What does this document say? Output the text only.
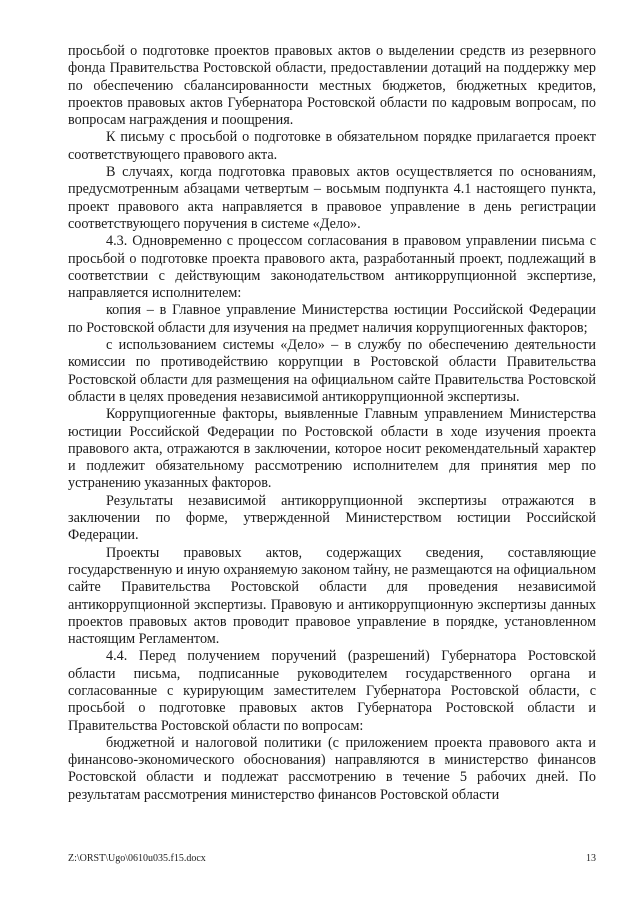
просьбой о подготовке проектов правовых актов о выделении средств из резервного фонда Правительства Ростовской области, предоставлении дотаций на поддержку мер по обеспечению сбалансированности местных бюджетов, бюджетных кредитов, проектов правовых актов Губернатора Ростовской области по кадровым вопросам, по вопросам награждения и поощрения.

К письму с просьбой о подготовке в обязательном порядке прилагается проект соответствующего правового акта.

В случаях, когда подготовка правовых актов осуществляется по основаниям, предусмотренным абзацами четвертым – восьмым подпункта 4.1 настоящего пункта, проект правового акта направляется в правовое управление в день регистрации соответствующего поручения в системе «Дело».

4.3. Одновременно с процессом согласования в правовом управлении письма с просьбой о подготовке проекта правового акта, разработанный проект, подлежащий в соответствии с действующим законодательством антикоррупционной экспертизе, направляется исполнителем:

копия – в Главное управление Министерства юстиции Российской Федерации по Ростовской области для изучения на предмет наличия коррупциогенных факторов;

с использованием системы «Дело» – в службу по обеспечению деятельности комиссии по противодействию коррупции в Ростовской области Правительства Ростовской области для размещения на официальном сайте Правительства Ростовской области в целях проведения независимой антикоррупционной экспертизы.

Коррупциогенные факторы, выявленные Главным управлением Министерства юстиции Российской Федерации по Ростовской области в ходе изучения проекта правового акта, отражаются в заключении, которое носит рекомендательный характер и подлежит обязательному рассмотрению исполнителем для принятия мер по устранению указанных факторов.

Результаты независимой антикоррупционной экспертизы отражаются в заключении по форме, утвержденной Министерством юстиции Российской Федерации.

Проекты правовых актов, содержащих сведения, составляющие государственную и иную охраняемую законом тайну, не размещаются на официальном сайте Правительства Ростовской области для проведения независимой антикоррупционной экспертизы. Правовую и антикоррупционную экспертизы данных проектов правовых актов проводит правовое управление в порядке, установленном настоящим Регламентом.

4.4. Перед получением поручений (разрешений) Губернатора Ростовской области письма, подписанные руководителем государственного органа и согласованные с курирующим заместителем Губернатора Ростовской области, с просьбой о подготовке правовых актов Губернатора Ростовской области и Правительства Ростовской области по вопросам:

бюджетной и налоговой политики (с приложением проекта правового акта и финансово-экономического обоснования) направляются в министерство финансов Ростовской области и подлежат рассмотрению в течение 5 рабочих дней. По результатам рассмотрения министерство финансов Ростовской области

Z:\ORST\Ugo\0610u035.f15.docx	13
